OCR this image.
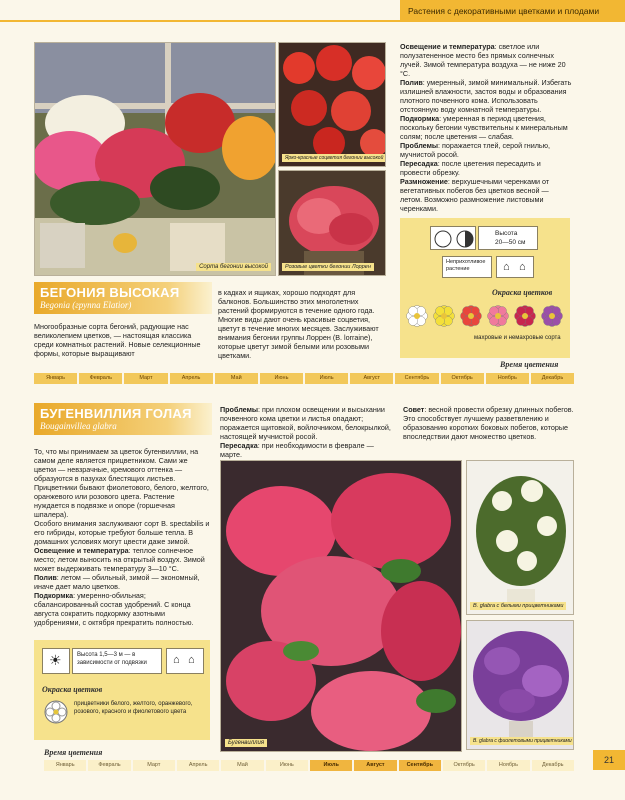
Растения с декоративными цветками и плодами
Сорта бегонии высокой
Ярко-красные соцветия бегонии высокой
Розовые цветки бегонии Лоррен

Освещение и температура: светлое или полузатененное место без прямых солнечных лучей. Зимой температура воздуха — не ниже 20 °С.

Полив: умеренный, зимой минимальный. Избегать излишней влажности, застоя воды и образования плотного почвенного кома. Использовать отстоянную воду комнатной температуры.

Подкормка: умеренная в период цветения, поскольку бегонии чувствительны к минеральным солям; после цветения — слабая.

Проблемы: поражается тлей, серой гнилью, мучнистой росой.

Пересадка: после цветения пересадить и провести обрезку.

Размножение: верхушечными черенками от вегетативных побегов без цветков весной — летом. Возможно размножение листовыми черенками.

Высота
20—50 см
Неприхотливое растение	⌂ ⌂
Окраска цветков
махровые и немахровые сорта
БЕГОНИЯ ВЫСОКАЯ
Begonia (группа Elatior)
Многообразные сорта бегоний, радующие нас великолепием цветков, — настоящая классика среди комнатных растений. Новые селекционные формы, которые выращивают
в кадках и ящиках, хорошо подходят для балконов. Большинство этих многолетних растений формируются в течение одного года. Многие виды дают очень красивые соцветия, цветут в течение многих месяцев. Заслуживают внимания бегонии группы Лоррен (B. lorraine), которые цветут зимой белыми или розовыми цветками.
Время цветения
Январь	Февраль	Март	Апрель	Май	Июнь	Июль	Август	Сентябрь	Октябрь	Ноябрь	Декабрь
БУГЕНВИЛЛИЯ ГОЛАЯ
Bougainvillea glabra

То, что мы принимаем за цветок бугенвиллии, на самом деле является прицветником. Сами же цветки — невзрачные, кремового оттенка — образуются в пазухах блестящих листьев. Прицветники бывают фиолетового, белого, желтого, оранжевого или розового цвета. Растение нуждается в подвязке и опоре (горшечная шпалера).

Особого внимания заслуживают сорт B. spectabilis и его гибриды, которые требуют больше тепла. В домашних условиях могут цвести даже зимой.

Освещение и температура: теплое солнечное место; летом выносить на открытый воздух. Зимой может выдерживать температуру 3—10 °С.

Полив: летом — обильный, зимой — экономный, иначе дает мало цветков.

Подкормка: умеренно-обильная; сбалансированный состав удобрений. С конца августа сократить подкормку азотными удобрениями, с октября прекратить полностью.

Проблемы: при плохом освещении и высыхании почвенного кома цветки и листья опадают; поражается щитовкой, войлочником, белокрылкой, настоящей мучнистой росой.

Пересадка: при необходимости в феврале — марте.

Совет: весной провести обрезку длинных побегов. Это способствует лучшему разветвлению и образованию коротких боковых побегов, которые впоследствии дают множество цветков.

☀	Высота 1,5—3 м — в зависимости от подвязки	⌂ ⌂
Окраска цветков
прицветники белого, желтого, оранжевого, розового, красного и фиолетового цвета
Бугенвиллия
B. glabra с белыми прицветниками
B. glabra с фиолетовыми прицветниками
Время цветения
Январь	Февраль	Март	Апрель	Май	Июнь	Июль	Август	Сентябрь	Октябрь	Ноябрь	Декабрь	21
